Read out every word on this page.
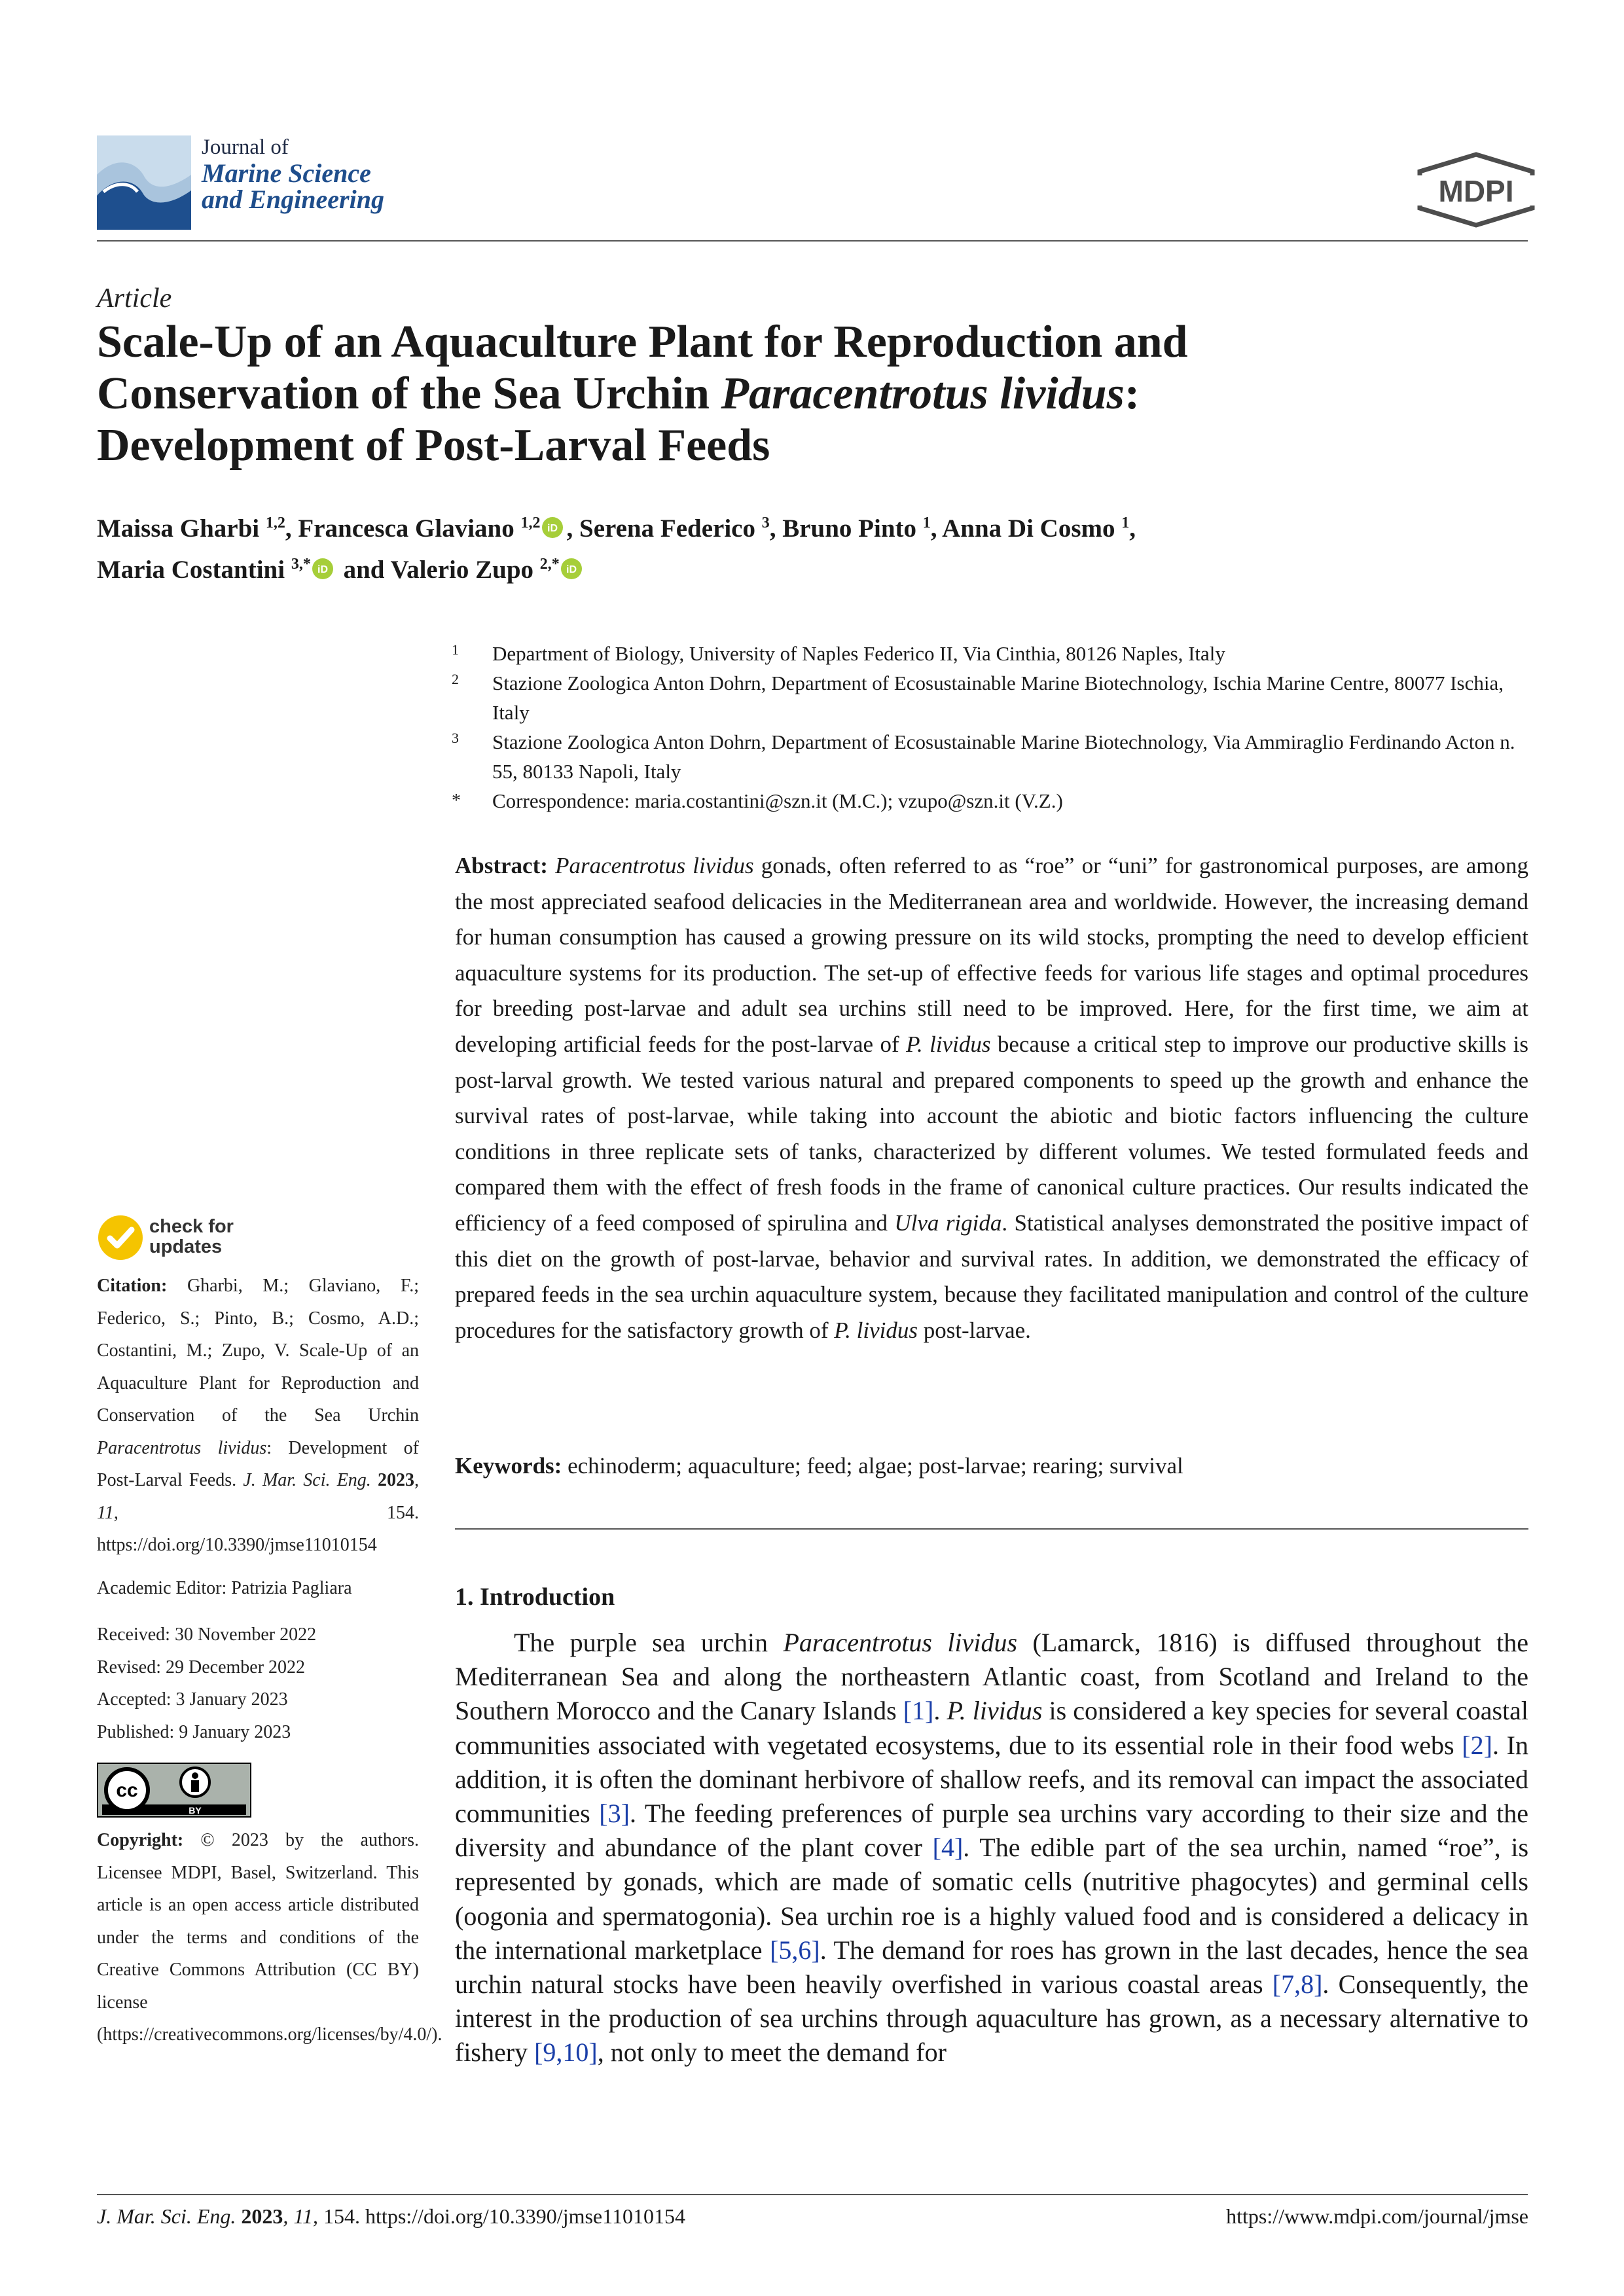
Journal of
Marine Science
and Engineering	MDPI
Article
Scale-Up of an Aquaculture Plant for Reproduction and
Conservation of the Sea Urchin Paracentrotus lividus:
Development of Post-Larval Feeds
Maissa Gharbi $^{1,2}$, Francesca Glaviano $^{1,2}$ iD , Serena Federico $^3$, Bruno Pinto $^1$, Anna Di Cosmo $^1$,
Maria Costantini $^{3,*}$ iD and Valerio Zupo $^{2,*}$ iD
1 Department of Biology, University of Naples Federico II, Via Cinthia, 80126 Naples, Italy
2 Stazione Zoologica Anton Dohrn, Department of Ecosustainable Marine Biotechnology, Ischia Marine Centre, 80077 Ischia, Italy
3 Stazione Zoologica Anton Dohrn, Department of Ecosustainable Marine Biotechnology, Via Ammiraglio Ferdinando Acton n. 55, 80133 Napoli, Italy
* Correspondence: maria.costantini@szn.it (M.C.); vzupo@szn.it (V.Z.)
Abstract: Paracentrotus lividus gonads, often referred to as “roe” or “uni” for gastronomical purposes, are among the most appreciated seafood delicacies in the Mediterranean area and worldwide. However, the increasing demand for human consumption has caused a growing pressure on its wild stocks, prompting the need to develop efficient aquaculture systems for its production. The set-up of effective feeds for various life stages and optimal procedures for breeding post-larvae and adult sea urchins still need to be improved. Here, for the first time, we aim at developing artificial feeds for the post-larvae of P. lividus because a critical step to improve our productive skills is post-larval growth. We tested various natural and prepared components to speed up the growth and enhance the survival rates of post-larvae, while taking into account the abiotic and biotic factors influencing the culture conditions in three replicate sets of tanks, characterized by different volumes. We tested formulated feeds and compared them with the effect of fresh foods in the frame of canonical culture practices. Our results indicated the efficiency of a feed composed of spirulina and Ulva rigida. Statistical analyses demonstrated the positive impact of this diet on the growth of post-larvae, behavior and survival rates. In addition, we demonstrated the efficacy of prepared feeds in the sea urchin aquaculture system, because they facilitated manipulation and control of the culture procedures for the satisfactory growth of P. lividus post-larvae.
Keywords: echinoderm; aquaculture; feed; algae; post-larvae; rearing; survival
1. Introduction
The purple sea urchin Paracentrotus lividus (Lamarck, 1816) is diffused throughout the Mediterranean Sea and along the northeastern Atlantic coast, from Scotland and Ireland to the Southern Morocco and the Canary Islands [1]. P. lividus is considered a key species for several coastal communities associated with vegetated ecosystems, due to its essential role in their food webs [2]. In addition, it is often the dominant herbivore of shallow reefs, and its removal can impact the associated communities [3]. The feeding preferences of purple sea urchins vary according to their size and the diversity and abundance of the plant cover [4]. The edible part of the sea urchin, named “roe”, is represented by gonads, which are made of somatic cells (nutritive phagocytes) and germinal cells (oogonia and spermatogonia). Sea urchin roe is a highly valued food and is considered a delicacy in the international marketplace [5,6]. The demand for roes has grown in the last decades, hence the sea urchin natural stocks have been heavily overfished in various coastal areas [7,8]. Consequently, the interest in the production of sea urchins through aquaculture has grown, as a necessary alternative to fishery [9,10], not only to meet the demand for
check for
updates

Citation: Gharbi, M.; Glaviano, F.; Federico, S.; Pinto, B.; Cosmo, A.D.; Costantini, M.; Zupo, V. Scale-Up of an Aquaculture Plant for Reproduction and Conservation of the Sea Urchin Paracentrotus lividus: Development of Post-Larval Feeds. J. Mar. Sci. Eng. 2023, 11, 154. https://doi.org/10.3390/jmse11010154

Academic Editor: Patrizia Pagliara

Received: 30 November 2022

Revised: 29 December 2022

Accepted: 3 January 2023

Published: 9 January 2023

cc
BY

Copyright: © 2023 by the authors. Licensee MDPI, Basel, Switzerland. This article is an open access article distributed under the terms and conditions of the Creative Commons Attribution (CC BY) license (https://creativecommons.org/licenses/by/4.0/).

J. Mar. Sci. Eng. 2023, 11, 154. https://doi.org/10.3390/jmse11010154	https://www.mdpi.com/journal/jmse
